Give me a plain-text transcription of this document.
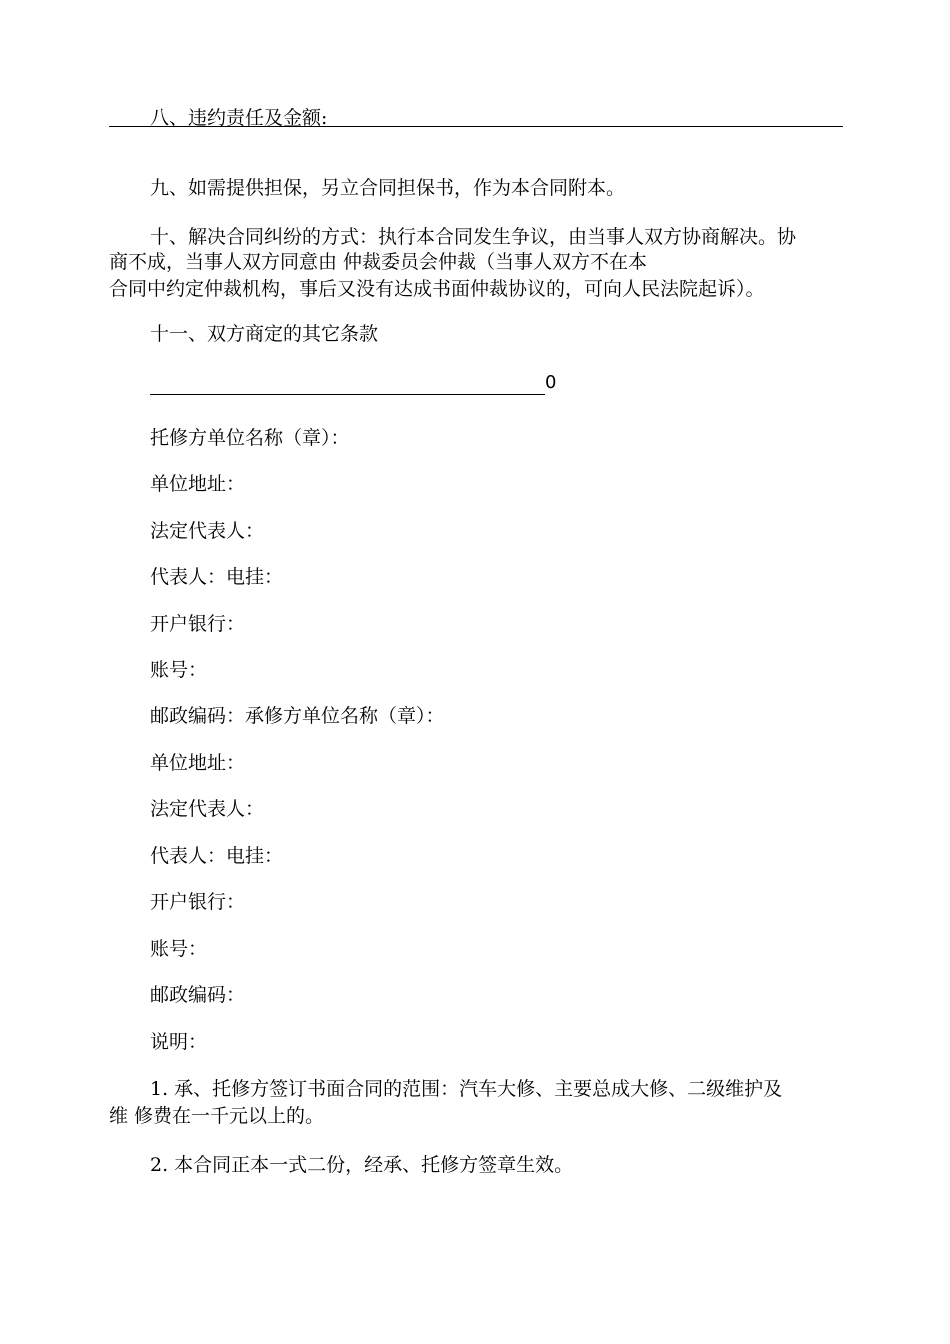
八、违约责任及金额:
九、如需提供担保，另立合同担保书，作为本合同附本。
十、解决合同纠纷的方式：执行本合同发生争议，由当事人双方协商解决。协
商不成，当事人双方同意由 仲裁委员会仲裁（当事人双方不在本
合同中约定仲裁机构，事后又没有达成书面仲裁协议的，可向人民法院起诉）。
十一、双方商定的其它条款
0
托修方单位名称（章）：
单位地址：
法定代表人：
代表人：电挂：
开户银行：
账号：
邮政编码：承修方单位名称（章）：
单位地址：
法定代表人：
代表人：电挂：
开户银行：
账号：
邮政编码：
说明：
1. 承、托修方签订书面合同的范围：汽车大修、主要总成大修、二级维护及
维 修费在一千元以上的。
2. 本合同正本一式二份，经承、托修方签章生效。
